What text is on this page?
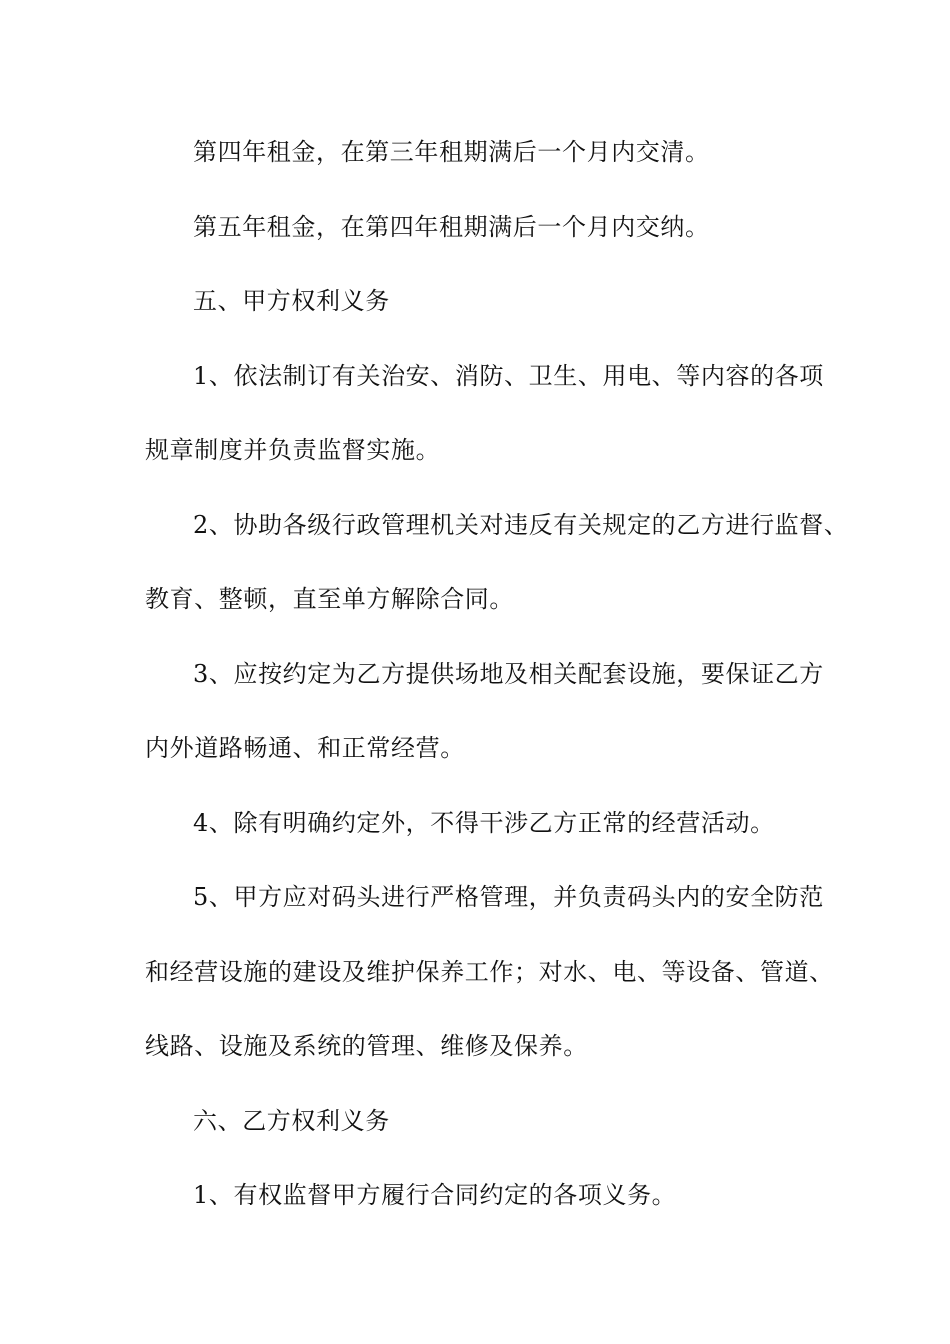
第四年租金，在第三年租期满后一个月内交清。
第五年租金，在第四年租期满后一个月内交纳。
五、甲方权利义务
1、依法制订有关治安、消防、卫生、用电、等内容的各项
规章制度并负责监督实施。
2、协助各级行政管理机关对违反有关规定的乙方进行监督、
教育、整顿，直至单方解除合同。
3、应按约定为乙方提供场地及相关配套设施，要保证乙方
内外道路畅通、和正常经营。
4、除有明确约定外，不得干涉乙方正常的经营活动。
5、甲方应对码头进行严格管理，并负责码头内的安全防范
和经营设施的建设及维护保养工作；对水、电、等设备、管道、
线路、设施及系统的管理、维修及保养。
六、乙方权利义务
1、有权监督甲方履行合同约定的各项义务。
